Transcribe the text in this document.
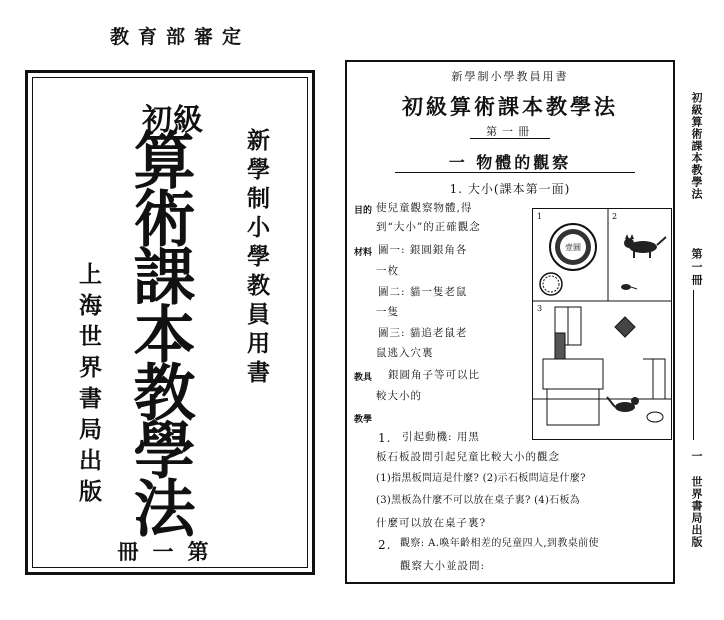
教育部審定
初級
算術課本教學法 新學制小學教員用書
上海世界書局出版
第一冊
新學制小學教員用書
初級算術課本教學法
第一冊
一 物體的觀察
1. 大小(課本第一面)
目的 使兒童觀察物體,得
到“大小”的正確觀念
材料 圖一: 銀圓銀角各
一枚
圖二: 貓一隻老鼠
一隻
圖三: 貓追老鼠老
鼠逃入穴裏
教具 銀圓角子等可以比
較大小的
教學
1. 引起動機: 用黑
板石板設問引起兒童比較大小的觀念
(1)指黑板問這是什麼? (2)示石板問這是什麼?
(3)黑板為什麼不可以放在桌子裏? (4)石板為
什麼可以放在桌子裏?
2. 觀察: A.喚年齡相差的兒童四人,到教桌前使
觀察大小並設問:
1	2
3
壹圓
初級算術課本教學法
第一冊
一 世界書局出版
